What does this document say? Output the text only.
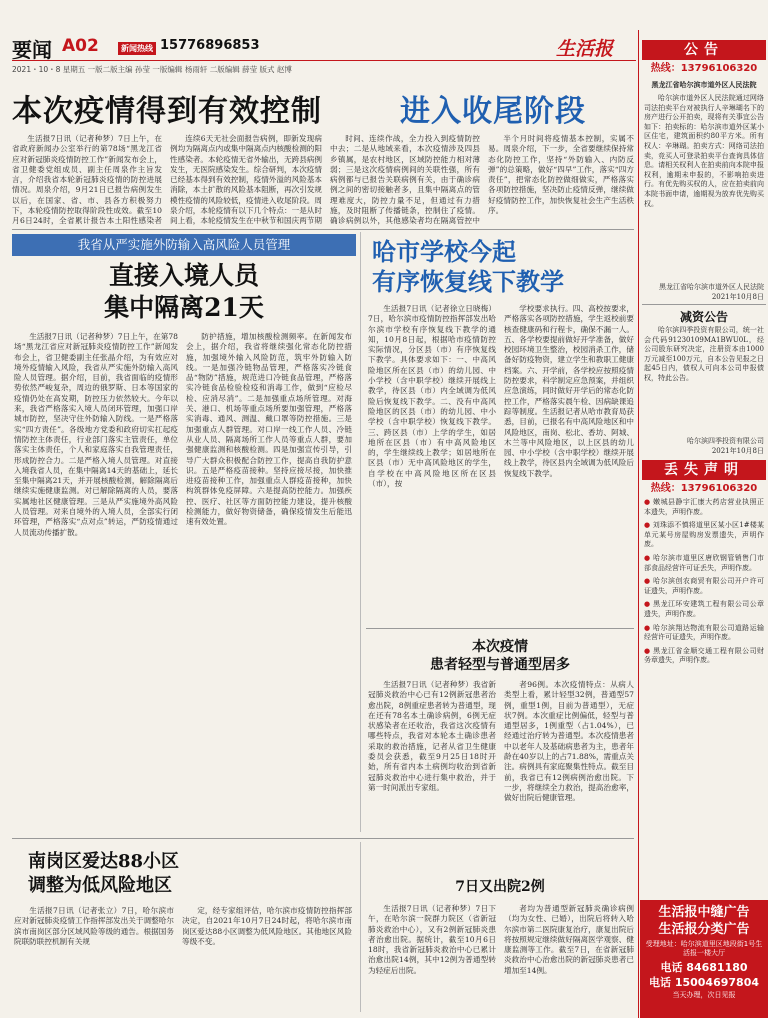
要闻 A02	新闻热线 15776896853	生活报
2021・10・8 星期五 一版二版主编 孙莹 一版编辑 杨雨轩 二版编辑 薛莹 版式 赵博
本次疫情得到有效控制	进入收尾阶段

生活报7日讯（记者种梦）7日上午，在省政府新闻办公室举行的第78场“黑龙江省应对新冠肺炎疫情防控工作”新闻发布会上，省卫健委党组成员、副主任周泉作主旨发言，介绍我省本轮新冠肺炎疫情的防控进展情况。周泉介绍，9月21日已报告病例发生以后，在国家、省、市、县各方积极努力下，本轮疫情防控取得阶段性成效。截至10月6日24时，全省累计报告本土阳性感染者

连续6天无社会面报告病例，即新发现病例均为隔离点内或集中隔离点内核酸检测的阳性感染者。本轮疫情无省外输出，无跨县病例发生，无医院感染发生。综合研判，本次疫情已经基本得到有效控制，疫情外溢的风险基本消除，本土扩散的风险基本阻断，再次引发规模性疫情的风险较低，疫情进入收尾阶段。周泉介绍，本轮疫情有以下几个特点：一是从时间上看，本轮疫情发生在中秋节和国庆两节期

时间、连续作战，全力投入到疫情防控中去；二是从地域来看，本次疫情涉及四县乡镇属，是农村地区，区域防控能力相对薄弱；三是这次疫情病例间的关联性强，所有病例都与已报告关联病例有关，由于确诊病例之间的密切接触者多，且集中隔离点的管理难度大，防控力量不足，但通过有力措施，及时阻断了传播链条，控制住了疫情。确诊病例以外，其他感染者均在隔离管控中

半个月时间将疫情基本控制，实属不易。周泉介绍，下一步，全省要继续保持常态化防控工作，坚持“外防输入、内防反弹”的总策略，做好“四早”工作，落实“四方责任”，把常态化防控做细做实，严格落实各项防控措施，坚决防止疫情反弹，继续做好疫情防控工作，加快恢复社会生产生活秩序。

我省从严实施外防输入高风险人员管理
直接入境人员
集中隔离21天

生活报7日讯（记者种梦）7日上午，在第78场“黑龙江省应对新冠肺炎疫情防控工作”新闻发布会上，省卫健委副主任张晶介绍，为有效应对境外疫情输入风险，我省从严实施外防输入高风险人员管理。据介绍，目前，我省面临的疫情形势依然严峻复杂，周边的俄罗斯、日本等国家的疫情仍处在高发期，防控压力依然较大。今年以来，我省严格落实入境人员闭环管理，加强口岸城市防控，坚决守住外防输入防线。一是严格落实“四方责任”。各级地方党委和政府切实扛起疫情防控主体责任，行业部门落实主管责任，单位落实主体责任，个人和家庭落实自我管理责任，形成防控合力。二是严格入境人员管理。对直接入境我省人员，在集中隔离14天的基础上，延长至集中隔离21天，并开展核酸检测，解除隔离后继续实施健康监测。对已解除隔离的人员，要落实属地社区健康管理。三是从严实施境外高风险人员管理。对来自境外的入境人员，全部实行闭环管理，严格落实“点对点”转运，严防疫情通过人员流动传播扩散。

防护措施，增加核酸检测频率。在新闻发布会上，据介绍，我省将继续强化常态化防控措施，加强境外输入风险防范，筑牢外防输入防线。一是加强冷链物品管理，严格落实冷链食品“物防”措施，规范进口冷链食品管理，严格落实冷链食品检验检疫和消毒工作，做到“应检尽检、应消尽消”。二是加强重点场所管理。对海关、港口、机场等重点场所要加强管理，严格落实消毒、通风、测温、戴口罩等防控措施。三是加强重点人群管理。对口岸一线工作人员、冷链从业人员、隔离场所工作人员等重点人群，要加强健康监测和核酸检测。四是加强宣传引导，引导广大群众积极配合防控工作，提高自我防护意识。五是严格疫苗接种。坚持应接尽接，加快推进疫苗接种工作，加强重点人群疫苗接种，加快构筑群体免疫屏障。六是提高防控能力。加强疾控、医疗、社区等方面防控能力建设，提升核酸检测能力，做好物资储备，确保疫情发生后能迅速有效处置。

哈市学校今起
有序恢复线下教学

生活报7日讯（记者徐立日晓梅）7日，哈尔滨市疫情防控指挥部发出哈尔滨市学校有序恢复线下教学的通知，10月8日起，根据哈市疫情防控实际情况，分区县（市）有序恢复线下教学。具体要求如下：一、中高风险地区所在区县（市）的幼儿园、中小学校（含中职学校）继续开展线上教学，待区县（市）内全域调为低风险后恢复线下教学。二、没有中高风险地区的区县（市）的幼儿园、中小学校（含中职学校）恢复线下教学。三、跨区县（市）上学的学生，如居地所在区县（市）有中高风险地区的，学生继续线上教学；如居地所在区县（市）无中高风险地区的学生，自学校在中高风险地区所在区县（市），按

学校要求执行。四、高校按要求，严格落实各项防控措施，学生返校前要核查健康码和行程卡，确保不漏一人。五、各学校要提前做好开学准备，做好校园环境卫生整治，校园消杀工作，储备好防疫物资，建立学生和教职工健康档案。六、开学前，各学校应按照疫情防控要求，科学制定应急预案，并组织应急演练，同时做好开学后的常态化防控工作，严格落实晨午检、因病缺课追踪等制度。生活报记者从哈市教育局获悉，目前，已报名有中高风险地区和中风险地区，南岗、松北、香坊、阿城、木兰等中风险地区，以上区县的幼儿园、中小学校（含中职学校）继续开展线上教学，待区县内全域调为低风险后恢复线下教学。

本次疫情
患者轻型与普通型居多

生活报7日讯（记者种梦）我省新冠肺炎救治中心已有12例新冠患者治愈出院，8例重症患者转为普通型，现在还有78名本土确诊病例，6例无症状感染者在还收治，我省这次疫情有哪些特点，我省对本轮本土确诊患者采取的救治措施，记者从省卫生健康委员会获悉，截至9月25日18时开始，所有省内本土病例均收治到省新冠肺炎救治中心进行集中救治，并于第一时间派出专家组。

者96例。本次疫情特点：从病人类型上看，累计轻型32例，普通型57例，重型1例，目前为普通型），无症状7例。本次重症比例偏低，轻型与普通型居多，1例重型（占1.04%），已经通过治疗转为普通型。本次疫情患者中以老年人及基础病患者为主，患者年龄在40岁以上的占71.88%，需重点关注。病例具有家庭聚集性特点。截至目前，我省已有12例病例治愈出院。下一步，将继续全力救治，提高治愈率，做好出院后健康管理。

南岗区爱达88小区
调整为低风险地区

生活报7日讯（记者张立）7日，哈尔滨市应对新冠肺炎疫情工作指挥部发出关于调整哈尔滨市南岗区部分区域风险等级的通告。根据国务院联防联控机制有关规

定，经专家组评估，哈尔滨市疫情防控指挥部决定，自2021年10月7日24时起，将哈尔滨市南岗区爱达88小区调整为低风险地区。其他地区风险等级不变。

7日又出院2例

生活报7日讯（记者种梦）7日下午，在哈尔滨一院群力院区（省新冠肺炎救治中心），又有2例新冠肺炎患者治愈出院。据统计，截至10月6日18时，我省新冠肺炎救治中心已累计治愈出院14例，其中12例为普通型转为轻症后出院。

者均为普通型新冠肺炎确诊病例（均为女性、已婚），出院后将转入哈尔滨市第二医院康复治疗，康复出院后将按照规定继续做好隔离医学观察、健康监测等工作。截至7日，在省新冠肺炎救治中心治愈出院的新冠肺炎患者已增加至14例。

公告
热线：13796106320
黑龙江省哈尔滨市道外区人民法院

哈尔滨市道外区人民法院通过网络司法拍卖平台对被执行人辛琳瑚名下的房产进行公开拍卖，现将有关事宜公告如下：拍卖标的：哈尔滨市道外区某小区住宅，建筑面积约80平方米。所有权人：辛琳瑚。拍卖方式：网络司法拍卖，竞买人可登录拍卖平台查询具体信息。请相关权利人在拍卖前向本院申报权利，逾期未申报的，不影响拍卖进行。有优先购买权的人，应在拍卖前向本院书面申请，逾期视为放弃优先购买权。

黑龙江省哈尔滨市道外区人民法院
2021年10月8日
减资公告

哈尔滨四季投资有限公司，统一社会代码91230109MA1BWU0L，经公司股东研究决定，注册资本由1000万元减至100万元，自本公告见报之日起45日内，债权人可向本公司申报债权，特此公告。

哈尔滨四季投资有限公司
2021年10月8日
丢失声明
热线：13796106320
● 嫩城县静宇汇康大药店营业执照正本遗失，声明作废。
● 刘珠添不慎将道里区某小区1#楼某单元某号房屋购房发票遗失，声明作废。
● 哈尔滨市道里区唐欣钢管销售门市部食品经营许可证丢失，声明作废。
● 哈尔滨创农商贸有限公司开户许可证遗失，声明作废。
● 黑龙江环安建筑工程有限公司公章遗失，声明作废。
● 哈尔滨翔达物流有限公司道路运输经营许可证遗失，声明作废。
● 黑龙江省金顺交通工程有限公司财务章遗失，声明作废。
生活报中缝广告
生活报分类广告
受理地址：哈尔滨道里区地段街1号生活报一楼大厅
电话 84681180
电话 15004697804
当天办理，次日见报
